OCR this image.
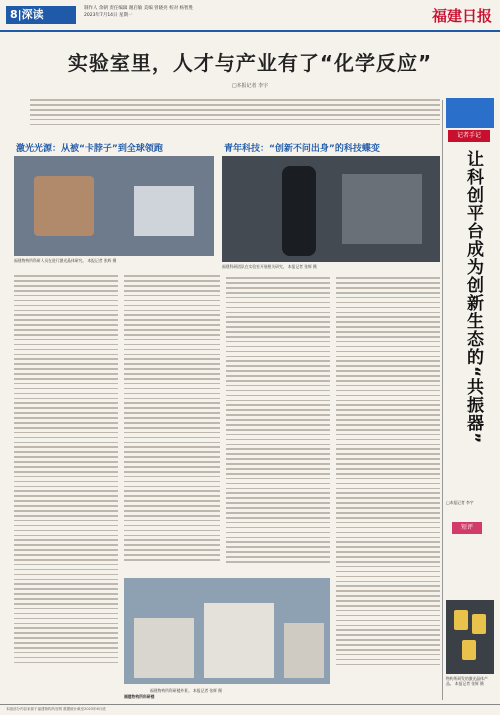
8|深读	制作人 余朝 责任编辑 谢启敏 美编 曾晓亮 校对 杨智胜
2023年7月14日 星期一	福建日报
实验室里，人才与产业有了“化学反应”
□本报记者 李宇
激光光源：从被“卡脖子”到全球领跑	青年科技：“创新不问出身”的科技蝶变
福建物构所科研人员在进行激光晶体研究。 本报记者 张辉 摄
福建科研团队在实验室开展相关研究。 本报记者 张辉 摄
福建物构所科研楼外景。 本报记者 张辉 摄
福建物构所科研楼
记者手记
让科创平台成为创新生态的“共振器”
□本报记者 李宇
短评
物构所研发的激光晶体产品。 本报记者 张辉 摄
本版部分内容来源于福建物构所官网 数据统计截至2023年6月底
